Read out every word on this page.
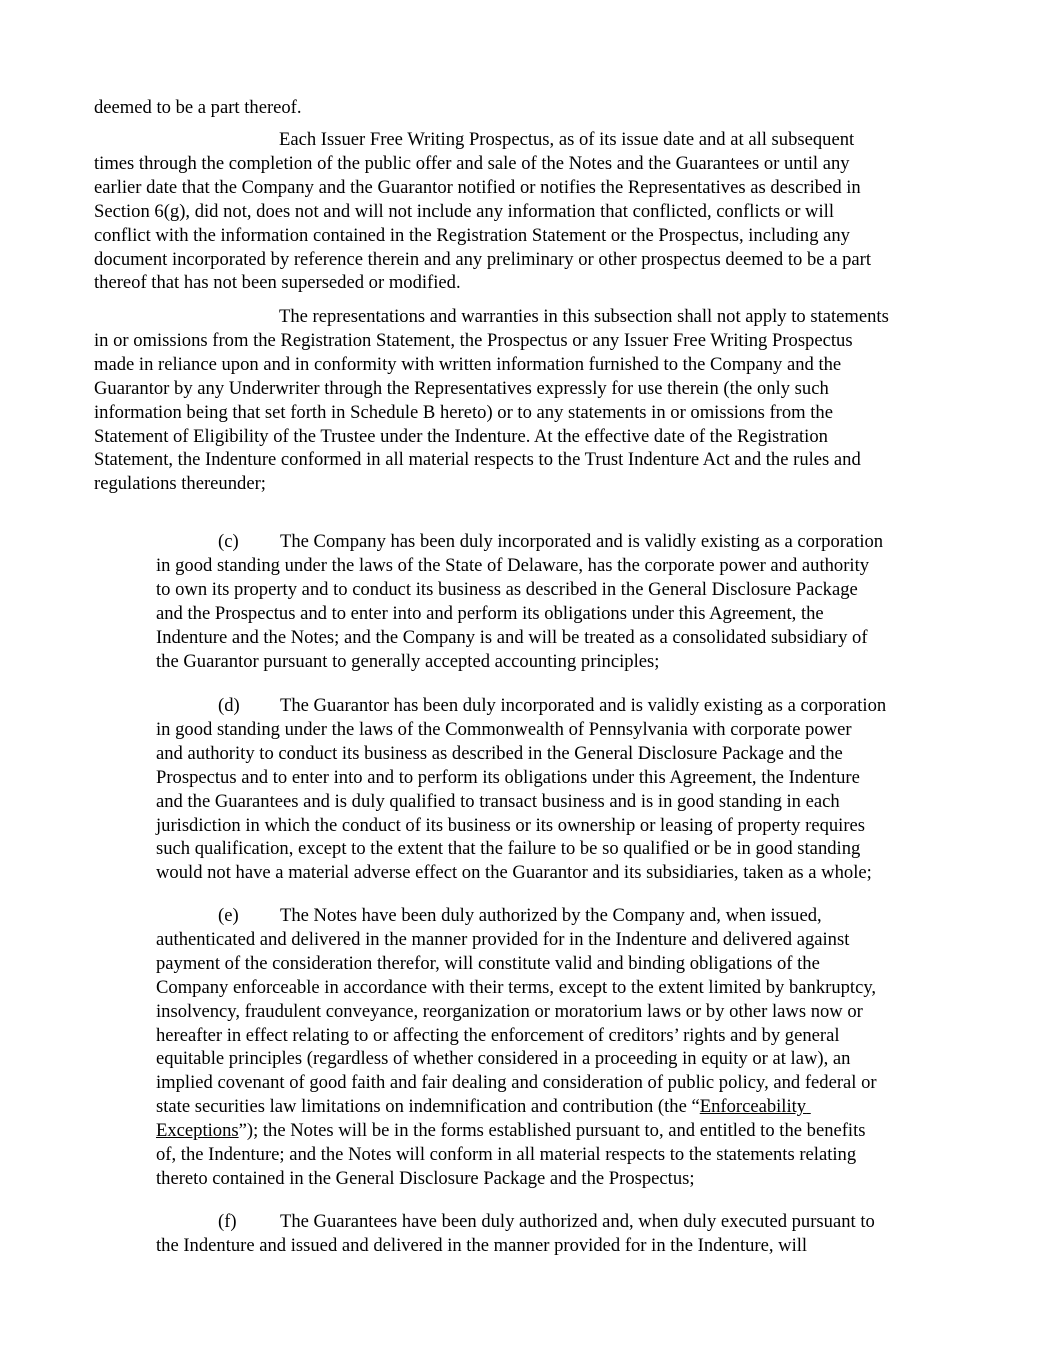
deemed to be a part thereof.

Each Issuer Free Writing Prospectus, as of its issue date and at all subsequent
times through the completion of the public offer and sale of the Notes and the Guarantees or until any
earlier date that the Company and the Guarantor notified or notifies the Representatives as described in
Section 6(g), did not, does not and will not include any information that conflicted, conflicts or will
conflict with the information contained in the Registration Statement or the Prospectus, including any
document incorporated by reference therein and any preliminary or other prospectus deemed to be a part
thereof that has not been superseded or modified.

The representations and warranties in this subsection shall not apply to statements
in or omissions from the Registration Statement, the Prospectus or any Issuer Free Writing Prospectus
made in reliance upon and in conformity with written information furnished to the Company and the
Guarantor by any Underwriter through the Representatives expressly for use therein (the only such
information being that set forth in Schedule B hereto) or to any statements in or omissions from the
Statement of Eligibility of the Trustee under the Indenture. At the effective date of the Registration
Statement, the Indenture conformed in all material respects to the Trust Indenture Act and the rules and
regulations thereunder;

(c) The Company has been duly incorporated and is validly existing as a corporation
in good standing under the laws of the State of Delaware, has the corporate power and authority
to own its property and to conduct its business as described in the General Disclosure Package
and the Prospectus and to enter into and perform its obligations under this Agreement, the
Indenture and the Notes; and the Company is and will be treated as a consolidated subsidiary of
the Guarantor pursuant to generally accepted accounting principles;

(d) The Guarantor has been duly incorporated and is validly existing as a corporation
in good standing under the laws of the Commonwealth of Pennsylvania with corporate power
and authority to conduct its business as described in the General Disclosure Package and the
Prospectus and to enter into and to perform its obligations under this Agreement, the Indenture
and the Guarantees and is duly qualified to transact business and is in good standing in each
jurisdiction in which the conduct of its business or its ownership or leasing of property requires
such qualification, except to the extent that the failure to be so qualified or be in good standing
would not have a material adverse effect on the Guarantor and its subsidiaries, taken as a whole;

(e) The Notes have been duly authorized by the Company and, when issued,
authenticated and delivered in the manner provided for in the Indenture and delivered against
payment of the consideration therefor, will constitute valid and binding obligations of the
Company enforceable in accordance with their terms, except to the extent limited by bankruptcy,
insolvency, fraudulent conveyance, reorganization or moratorium laws or by other laws now or
hereafter in effect relating to or affecting the enforcement of creditors’ rights and by general
equitable principles (regardless of whether considered in a proceeding in equity or at law), an
implied covenant of good faith and fair dealing and consideration of public policy, and federal or
state securities law limitations on indemnification and contribution (the “Enforceability
Exceptions”); the Notes will be in the forms established pursuant to, and entitled to the benefits
of, the Indenture; and the Notes will conform in all material respects to the statements relating
thereto contained in the General Disclosure Package and the Prospectus;

(f) The Guarantees have been duly authorized and, when duly executed pursuant to
the Indenture and issued and delivered in the manner provided for in the Indenture, will
